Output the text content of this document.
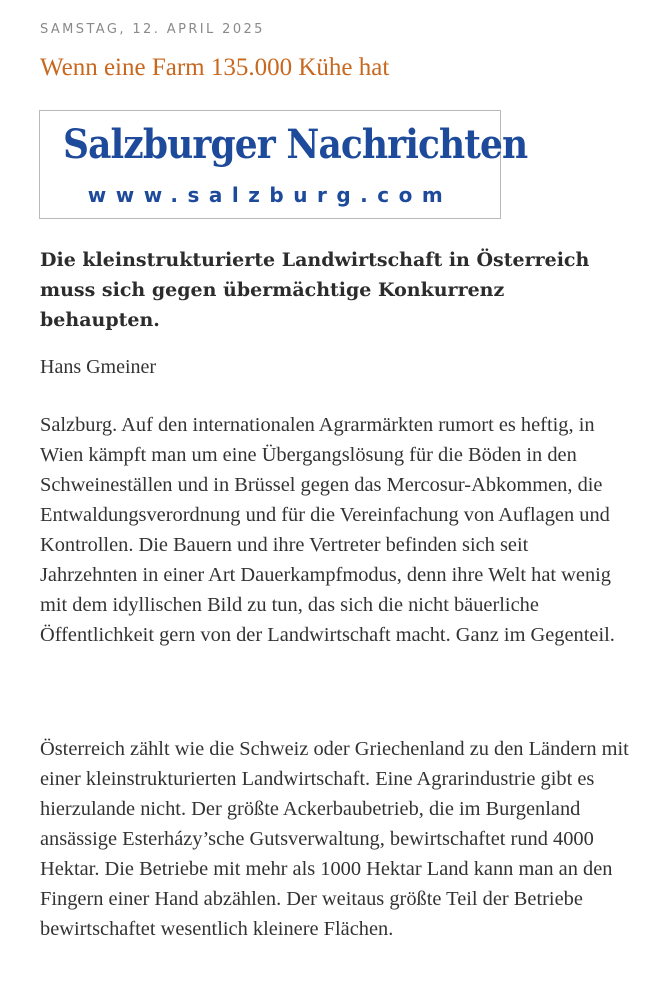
SAMSTAG, 12. APRIL 2025
Wenn eine Farm 135.000 Kühe hat
Salzburger Nachrichten
www.salzburg.com

Die kleinstrukturierte Landwirtschaft in Österreich muss sich gegen übermächtige Konkurrenz behaupten.

Hans Gmeiner

Salzburg. Auf den internationalen Agrarmärkten rumort es heftig, in Wien kämpft man um eine Übergangslösung für die Böden in den Schweineställen und in Brüssel gegen das Mercosur-Abkommen, die Entwaldungsverordnung und für die Vereinfachung von Auflagen und Kontrollen. Die Bauern und ihre Vertreter befinden sich seit Jahrzehnten in einer Art Dauerkampfmodus, denn ihre Welt hat wenig mit dem idyllischen Bild zu tun, das sich die nicht bäuerliche Öffentlichkeit gern von der Landwirtschaft macht. Ganz im Gegenteil.

Österreich zählt wie die Schweiz oder Griechenland zu den Ländern mit einer kleinstrukturierten Landwirtschaft. Eine Agrarindustrie gibt es hierzulande nicht. Der größte Ackerbaubetrieb, die im Burgenland ansässige Esterházy’sche Gutsverwaltung, bewirtschaftet rund 4000 Hektar. Die Betriebe mit mehr als 1000 Hektar Land kann man an den Fingern einer Hand abzählen. Der weitaus größte Teil der Betriebe bewirtschaftet wesentlich kleinere Flächen.
